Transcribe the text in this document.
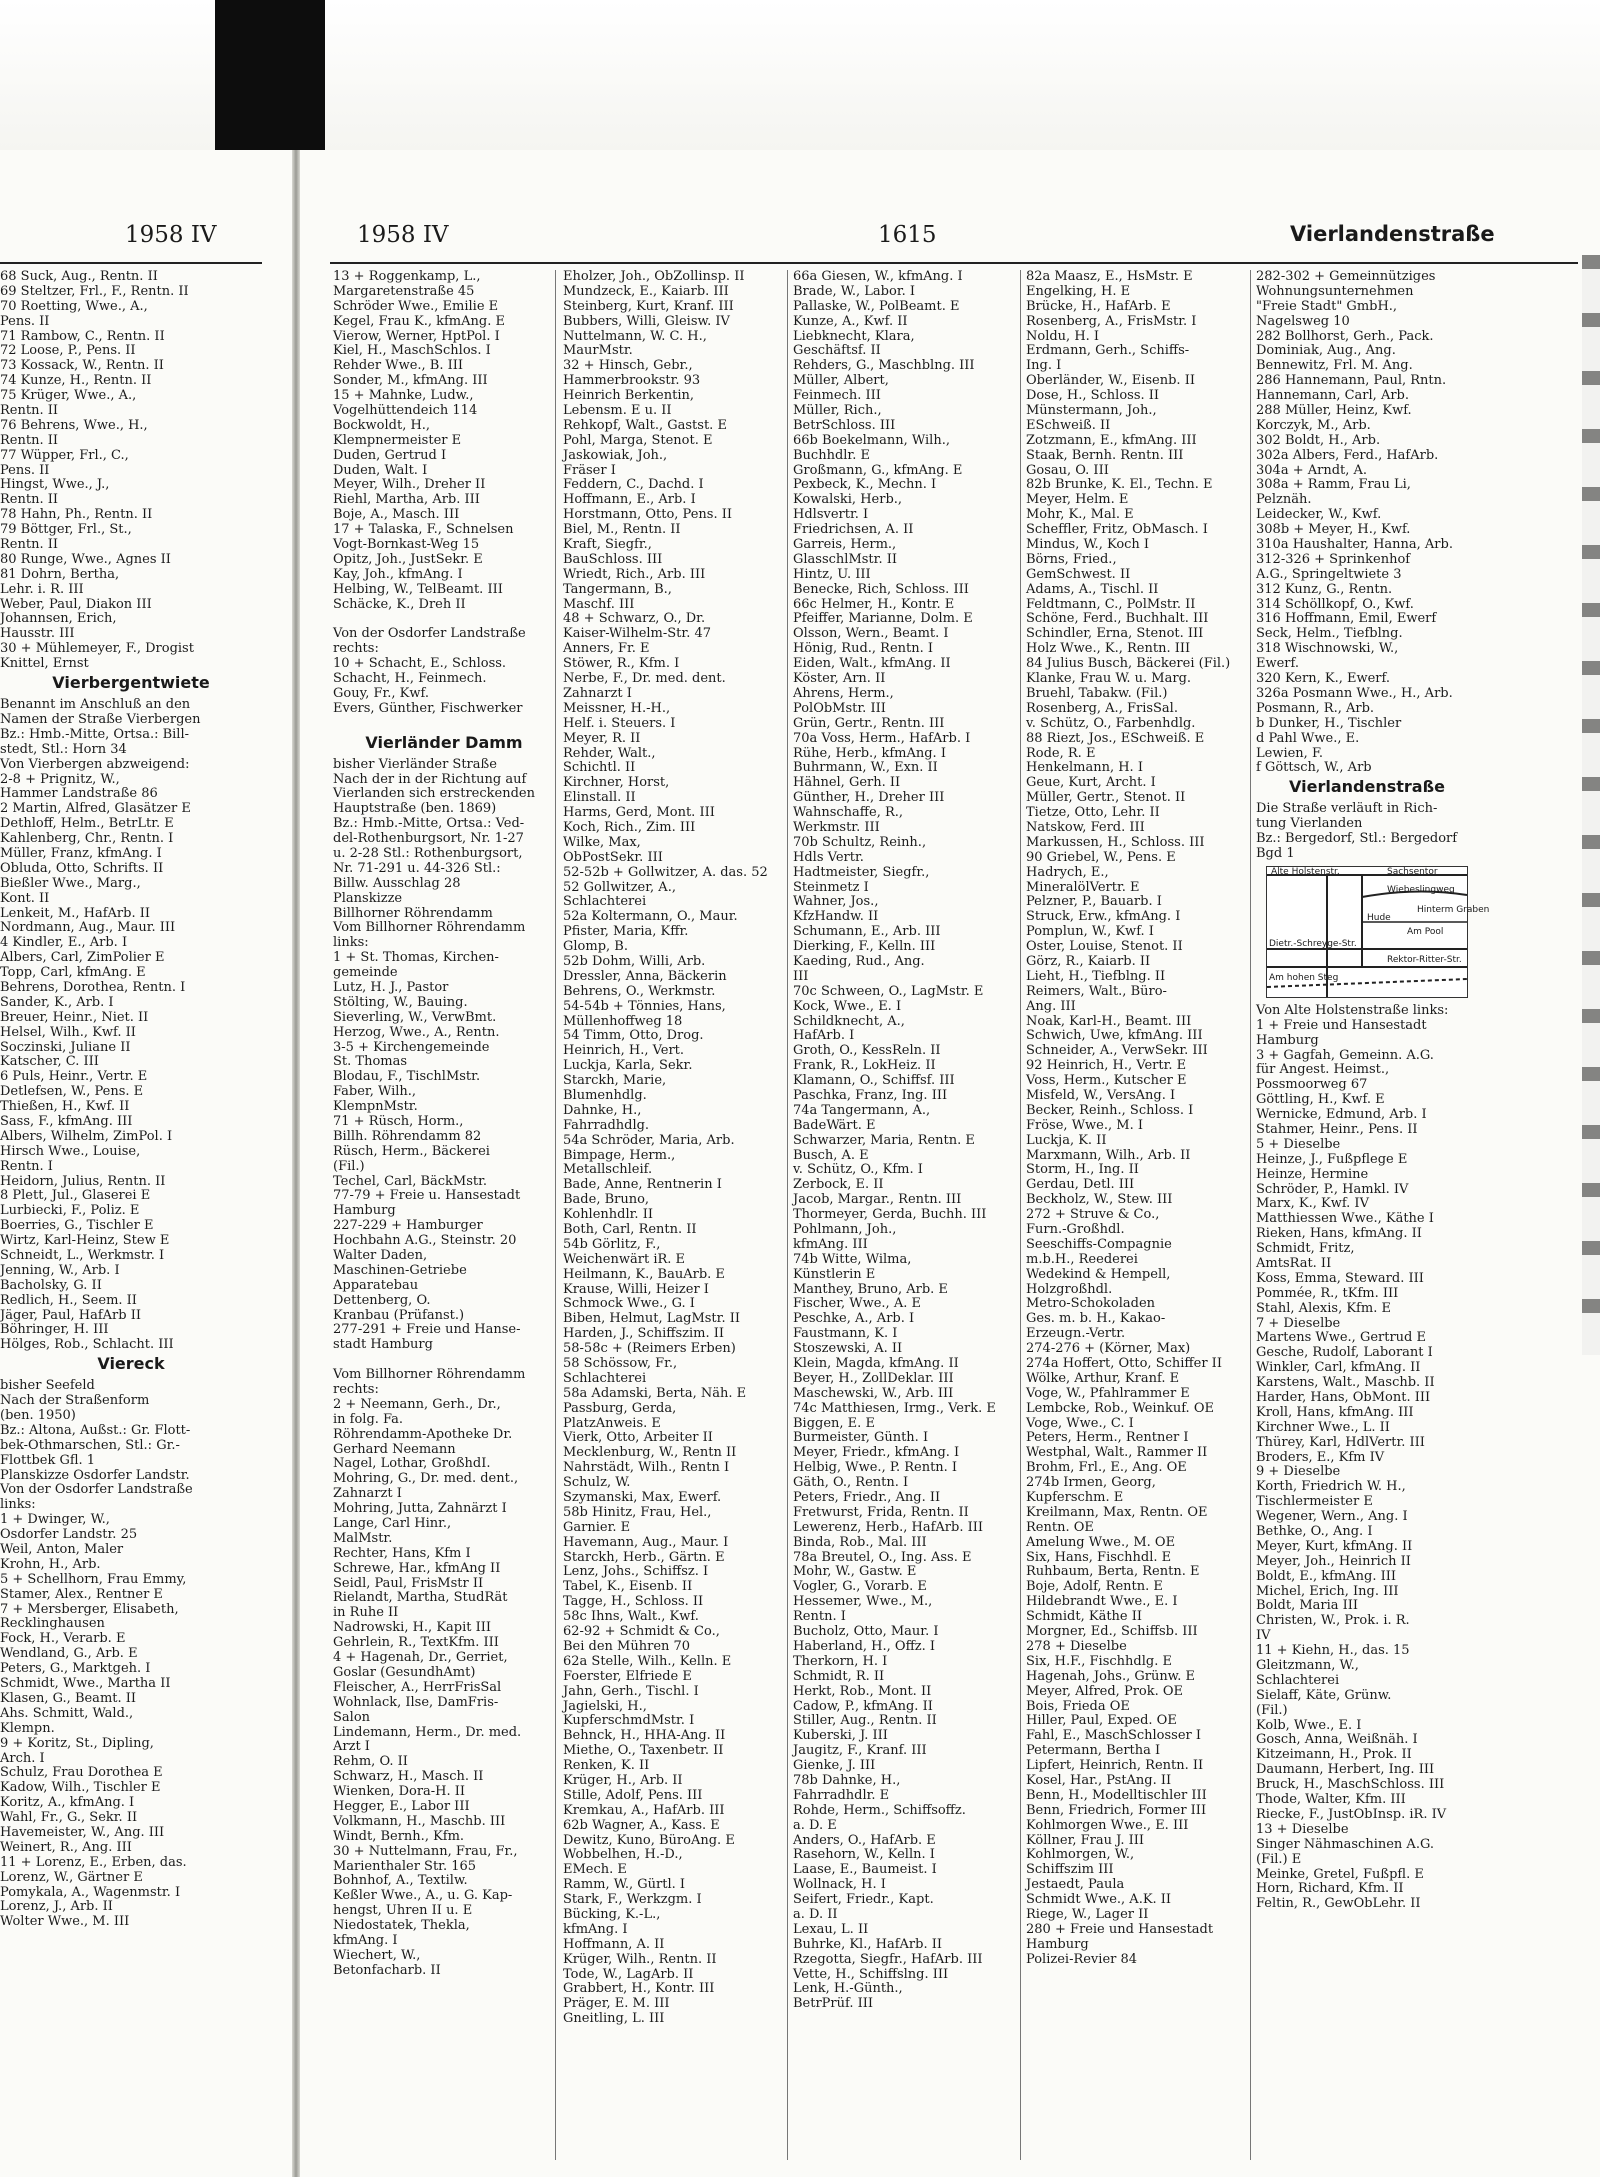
1958 IV	1958 IV	1615	Vierlandenstraße
68 Suck, Aug., Rentn. II
69 Steltzer, Frl., F., Rentn. II
70 Roetting, Wwe., A.,
Pens. II
71 Rambow, C., Rentn. II
72 Loose, P., Pens. II
73 Kossack, W., Rentn. II
74 Kunze, H., Rentn. II
75 Krüger, Wwe., A.,
Rentn. II
76 Behrens, Wwe., H.,
Rentn. II
77 Wüpper, Frl., C.,
Pens. II
Hingst, Wwe., J.,
Rentn. II
78 Hahn, Ph., Rentn. II
79 Böttger, Frl., St.,
Rentn. II
80 Runge, Wwe., Agnes II
81 Dohrn, Bertha,
Lehr. i. R. III
Weber, Paul, Diakon III
Johannsen, Erich,
Hausstr. III
30 + Mühlemeyer, F., Drogist
Knittel, Ernst
Vierbergentwiete
Benannt im Anschluß an den
Namen der Straße Vierbergen
Bz.: Hmb.-Mitte, Ortsa.: Bill-
stedt, Stl.: Horn 34
Von Vierbergen abzweigend:
2-8 + Prignitz, W.,
Hammer Landstraße 86
2 Martin, Alfred, Glasätzer E
Dethloff, Helm., BetrLtr. E
Kahlenberg, Chr., Rentn. I
Müller, Franz, kfmAng. I
Obluda, Otto, Schrifts. II
Bießler Wwe., Marg.,
Kont. II
Lenkeit, M., HafArb. II
Nordmann, Aug., Maur. III
4 Kindler, E., Arb. I
Albers, Carl, ZimPolier E
Topp, Carl, kfmAng. E
Behrens, Dorothea, Rentn. I
Sander, K., Arb. I
Breuer, Heinr., Niet. II
Helsel, Wilh., Kwf. II
Soczinski, Juliane II
Katscher, C. III
6 Puls, Heinr., Vertr. E
Detlefsen, W., Pens. E
Thießen, H., Kwf. II
Sass, F., kfmAng. III
Albers, Wilhelm, ZimPol. I
Hirsch Wwe., Louise,
Rentn. I
Heidorn, Julius, Rentn. II
8 Plett, Jul., Glaserei E
Lurbiecki, F., Poliz. E
Boerries, G., Tischler E
Wirtz, Karl-Heinz, Stew E
Schneidt, L., Werkmstr. I
Jenning, W., Arb. I
Bacholsky, G. II
Redlich, H., Seem. II
Jäger, Paul, HafArb II
Böhringer, H. III
Hölges, Rob., Schlacht. III
Viereck
bisher Seefeld
Nach der Straßenform
(ben. 1950)
Bz.: Altona, Außst.: Gr. Flott-
bek-Othmarschen, Stl.: Gr.-
Flottbek Gfl. 1
Planskizze Osdorfer Landstr.
Von der Osdorfer Landstraße
links:
1 + Dwinger, W.,
Osdorfer Landstr. 25
Weil, Anton, Maler
Krohn, H., Arb.
5 + Schellhorn, Frau Emmy,
Stamer, Alex., Rentner E
7 + Mersberger, Elisabeth,
Recklinghausen
Fock, H., Verarb. E
Wendland, G., Arb. E
Peters, G., Marktgeh. I
Schmidt, Wwe., Martha II
Klasen, G., Beamt. II
Ahs. Schmitt, Wald.,
Klempn.
9 + Koritz, St., Dipling,
Arch. I
Schulz, Frau Dorothea E
Kadow, Wilh., Tischler E
Koritz, A., kfmAng. I
Wahl, Fr., G., Sekr. II
Havemeister, W., Ang. III
Weinert, R., Ang. III
11 + Lorenz, E., Erben, das.
Lorenz, W., Gärtner E
Pomykala, A., Wagenmstr. I
Lorenz, J., Arb. II
Wolter Wwe., M. III
13 + Roggenkamp, L.,
Margaretenstraße 45
Schröder Wwe., Emilie E
Kegel, Frau K., kfmAng. E
Vierow, Werner, HptPol. I
Kiel, H., MaschSchlos. I
Rehder Wwe., B. III
Sonder, M., kfmAng. III
15 + Mahnke, Ludw.,
Vogelhüttendeich 114
Bockwoldt, H.,
Klempnermeister E
Duden, Gertrud I
Duden, Walt. I
Meyer, Wilh., Dreher II
Riehl, Martha, Arb. III
Boje, A., Masch. III
17 + Talaska, F., Schnelsen
Vogt-Bornkast-Weg 15
Opitz, Joh., JustSekr. E
Kay, Joh., kfmAng. I
Helbing, W., TelBeamt. III
Schäcke, K., Dreh II
Von der Osdorfer Landstraße
rechts:
10 + Schacht, E., Schloss.
Schacht, H., Feinmech.
Gouy, Fr., Kwf.
Evers, Günther, Fischwerker
Vierländer Damm
bisher Vierländer Straße
Nach der in der Richtung auf
Vierlanden sich erstreckenden
Hauptstraße (ben. 1869)
Bz.: Hmb.-Mitte, Ortsa.: Ved-
del-Rothenburgsort, Nr. 1-27
u. 2-28 Stl.: Rothenburgsort,
Nr. 71-291 u. 44-326 Stl.:
Billw. Ausschlag 28
Planskizze
Billhorner Röhrendamm
Vom Billhorner Röhrendamm
links:
1 + St. Thomas, Kirchen-
gemeinde
Lutz, H. J., Pastor
Stölting, W., Bauing.
Sieverling, W., VerwBmt.
Herzog, Wwe., A., Rentn.
3-5 + Kirchengemeinde
St. Thomas
Blodau, F., TischlMstr.
Faber, Wilh.,
KlempnMstr.
71 + Rüsch, Horm.,
Billh. Röhrendamm 82
Rüsch, Herm., Bäckerei
(Fil.)
Techel, Carl, BäckMstr.
77-79 + Freie u. Hansestadt
Hamburg
227-229 + Hamburger
Hochbahn A.G., Steinstr. 20
Walter Daden,
Maschinen-Getriebe
Apparatebau
Dettenberg, O.
Kranbau (Prüfanst.)
277-291 + Freie und Hanse-
stadt Hamburg
Vom Billhorner Röhrendamm
rechts:
2 + Neemann, Gerh., Dr.,
in folg. Fa.
Röhrendamm-Apotheke Dr.
Gerhard Neemann
Nagel, Lothar, GroßhdI.
Mohring, G., Dr. med. dent.,
Zahnarzt I
Mohring, Jutta, Zahnärzt I
Lange, Carl Hinr.,
MalMstr.
Rechter, Hans, Kfm I
Schrewe, Har., kfmAng II
Seidl, Paul, FrisMstr II
Rielandt, Martha, StudRät
in Ruhe II
Nadrowski, H., Kapit III
Gehrlein, R., TextKfm. III
4 + Hagenah, Dr., Gerriet,
Goslar (GesundhAmt)
Fleischer, A., HerrFrisSal
Wohnlack, Ilse, DamFris-
Salon
Lindemann, Herm., Dr. med.
Arzt I
Rehm, O. II
Schwarz, H., Masch. II
Wienken, Dora-H. II
Hegger, E., Labor III
Volkmann, H., Maschb. III
Windt, Bernh., Kfm.
30 + Nuttelmann, Frau, Fr.,
Marienthaler Str. 165
Bohnhof, A., Textilw.
Keßler Wwe., A., u. G. Kap-
hengst, Uhren II u. E
Niedostatek, Thekla,
kfmAng. I
Wiechert, W.,
Betonfacharb. II
Eholzer, Joh., ObZollinsp. II
Mundzeck, E., Kaiarb. III
Steinberg, Kurt, Kranf. III
Bubbers, Willi, Gleisw. IV
Nuttelmann, W. C. H.,
MaurMstr.
32 + Hinsch, Gebr.,
Hammerbrookstr. 93
Heinrich Berkentin,
Lebensm. E u. II
Rehkopf, Walt., Gastst. E
Pohl, Marga, Stenot. E
Jaskowiak, Joh.,
Fräser I
Feddern, C., Dachd. I
Hoffmann, E., Arb. I
Horstmann, Otto, Pens. II
Biel, M., Rentn. II
Kraft, Siegfr.,
BauSchloss. III
Wriedt, Rich., Arb. III
Tangermann, B.,
Maschf. III
48 + Schwarz, O., Dr.
Kaiser-Wilhelm-Str. 47
Anners, Fr. E
Stöwer, R., Kfm. I
Nerbe, F., Dr. med. dent.
Zahnarzt I
Meissner, H.-H.,
Helf. i. Steuers. I
Meyer, R. II
Rehder, Walt.,
Schichtl. II
Kirchner, Horst,
Elinstall. II
Harms, Gerd, Mont. III
Koch, Rich., Zim. III
Wilke, Max,
ObPostSekr. III
52-52b + Gollwitzer, A. das. 52
52 Gollwitzer, A.,
Schlachterei
52a Koltermann, O., Maur.
Pfister, Maria, Kffr.
Glomp, B.
52b Dohm, Willi, Arb.
Dressler, Anna, Bäckerin
Behrens, O., Werkmstr.
54-54b + Tönnies, Hans,
Müllenhoffweg 18
54 Timm, Otto, Drog.
Heinrich, H., Vert.
Luckja, Karla, Sekr.
Starckh, Marie,
Blumenhdlg.
Dahnke, H.,
Fahrradhdlg.
54a Schröder, Maria, Arb.
Bimpage, Herm.,
Metallschleif.
Bade, Anne, Rentnerin I
Bade, Bruno,
Kohlenhdlr. II
Both, Carl, Rentn. II
54b Görlitz, F.,
Weichenwärt iR. E
Heilmann, K., BauArb. E
Krause, Willi, Heizer I
Schmock Wwe., G. I
Biben, Helmut, LagMstr. II
Harden, J., Schiffszim. II
58-58c + (Reimers Erben)
58 Schössow, Fr.,
Schlachterei
58a Adamski, Berta, Näh. E
Passburg, Gerda,
PlatzAnweis. E
Vierk, Otto, Arbeiter II
Mecklenburg, W., Rentn II
Nahrstädt, Wilh., Rentn I
Schulz, W.
Szymanski, Max, Ewerf.
58b Hinitz, Frau, Hel.,
Garnier. E
Havemann, Aug., Maur. I
Starckh, Herb., Gärtn. E
Lenz, Johs., Schiffsz. I
Tabel, K., Eisenb. II
Tagge, H., Schloss. II
58c Ihns, Walt., Kwf.
62-92 + Schmidt & Co.,
Bei den Mühren 70
62a Stelle, Wilh., Kelln. E
Foerster, Elfriede E
Jahn, Gerh., Tischl. I
Jagielski, H.,
KupferschmdMstr. I
Behnck, H., HHA-Ang. II
Miethe, O., Taxenbetr. II
Renken, K. II
Krüger, H., Arb. II
Stille, Adolf, Pens. III
Kremkau, A., HafArb. III
62b Wagner, A., Kass. E
Dewitz, Kuno, BüroAng. E
Wobbelhen, H.-D.,
EMech. E
Ramm, W., Gürtl. I
Stark, F., Werkzgm. I
Bücking, K.-L.,
kfmAng. I
Hoffmann, A. II
Krüger, Wilh., Rentn. II
Tode, W., LagArb. II
Grabbert, H., Kontr. III
Präger, E. M. III
Gneitling, L. III
66a Giesen, W., kfmAng. I
Brade, W., Labor. I
Pallaske, W., PolBeamt. E
Kunze, A., Kwf. II
Liebknecht, Klara,
Geschäftsf. II
Rehders, G., Maschblng. III
Müller, Albert,
Feinmech. III
Müller, Rich.,
BetrSchloss. III
66b Boekelmann, Wilh.,
Buchhdlr. E
Großmann, G., kfmAng. E
Pexbeck, K., Mechn. I
Kowalski, Herb.,
Hdlsvertr. I
Friedrichsen, A. II
Garreis, Herm.,
GlasschlMstr. II
Hintz, U. III
Benecke, Rich, Schloss. III
66c Helmer, H., Kontr. E
Pfeiffer, Marianne, Dolm. E
Olsson, Wern., Beamt. I
Hönig, Rud., Rentn. I
Eiden, Walt., kfmAng. II
Köster, Arn. II
Ahrens, Herm.,
PolObMstr. III
Grün, Gertr., Rentn. III
70a Voss, Herm., HafArb. I
Rühe, Herb., kfmAng. I
Buhrmann, W., Exn. II
Hähnel, Gerh. II
Günther, H., Dreher III
Wahnschaffe, R.,
Werkmstr. III
70b Schultz, Reinh.,
Hdls Vertr.
Hadtmeister, Siegfr.,
Steinmetz I
Wahner, Jos.,
KfzHandw. II
Schumann, E., Arb. III
Dierking, F., Kelln. III
Kaeding, Rud., Ang.
III
70c Schween, O., LagMstr. E
Kock, Wwe., E. I
Schildknecht, A.,
HafArb. I
Groth, O., KessReln. II
Frank, R., LokHeiz. II
Klamann, O., Schiffsf. III
Paschka, Franz, Ing. III
74a Tangermann, A.,
BadeWärt. E
Schwarzer, Maria, Rentn. E
Busch, A. E
v. Schütz, O., Kfm. I
Zerbock, E. II
Jacob, Margar., Rentn. III
Thormeyer, Gerda, Buchh. III
Pohlmann, Joh.,
kfmAng. III
74b Witte, Wilma,
Künstlerin E
Manthey, Bruno, Arb. E
Fischer, Wwe., A. E
Peschke, A., Arb. I
Faustmann, K. I
Stoszewski, A. II
Klein, Magda, kfmAng. II
Beyer, H., ZollDeklar. III
Maschewski, W., Arb. III
74c Matthiesen, Irmg., Verk. E
Biggen, E. E
Burmeister, Günth. I
Meyer, Friedr., kfmAng. I
Helbig, Wwe., P. Rentn. I
Gäth, O., Rentn. I
Peters, Friedr., Ang. II
Fretwurst, Frida, Rentn. II
Lewerenz, Herb., HafArb. III
Binda, Rob., Mal. III
78a Breutel, O., Ing. Ass. E
Mohr, W., Gastw. E
Vogler, G., Vorarb. E
Hessemer, Wwe., M.,
Rentn. I
Bucholz, Otto, Maur. I
Haberland, H., Offz. I
Therkorn, H. I
Schmidt, R. II
Herkt, Rob., Mont. II
Cadow, P., kfmAng. II
Stiller, Aug., Rentn. II
Kuberski, J. III
Jaugitz, F., Kranf. III
Gienke, J. III
78b Dahnke, H.,
Fahrradhdlr. E
Rohde, Herm., Schiffsoffz.
a. D. E
Anders, O., HafArb. E
Rasehorn, W., Kelln. I
Laase, E., Baumeist. I
Wollnack, H. I
Seifert, Friedr., Kapt.
a. D. II
Lexau, L. II
Buhrke, Kl., HafArb. II
Rzegotta, Siegfr., HafArb. III
Vette, H., Schiffslng. III
Lenk, H.-Günth.,
BetrPrüf. III
82a Maasz, E., HsMstr. E
Engelking, H. E
Brücke, H., HafArb. E
Rosenberg, A., FrisMstr. I
Noldu, H. I
Erdmann, Gerh., Schiffs-
Ing. I
Oberländer, W., Eisenb. II
Dose, H., Schloss. II
Münstermann, Joh.,
ESchweiß. II
Zotzmann, E., kfmAng. III
Staak, Bernh. Rentn. III
Gosau, O. III
82b Brunke, K. El., Techn. E
Meyer, Helm. E
Mohr, K., Mal. E
Scheffler, Fritz, ObMasch. I
Mindus, W., Koch I
Börns, Fried.,
GemSchwest. II
Adams, A., Tischl. II
Feldtmann, C., PolMstr. II
Schöne, Ferd., Buchhalt. III
Schindler, Erna, Stenot. III
Holz Wwe., K., Rentn. III
84 Julius Busch, Bäckerei (Fil.)
Klanke, Frau W. u. Marg.
Bruehl, Tabakw. (Fil.)
Rosenberg, A., FrisSal.
v. Schütz, O., Farbenhdlg.
88 Riezt, Jos., ESchweiß. E
Rode, R. E
Henkelmann, H. I
Geue, Kurt, Archt. I
Müller, Gertr., Stenot. II
Tietze, Otto, Lehr. II
Natskow, Ferd. III
Markussen, H., Schloss. III
90 Griebel, W., Pens. E
Hadrych, E.,
MineralölVertr. E
Pelzner, P., Bauarb. I
Struck, Erw., kfmAng. I
Pomplun, W., Kwf. I
Oster, Louise, Stenot. II
Görz, R., Kaiarb. II
Lieht, H., Tiefblng. II
Reimers, Walt., Büro-
Ang. III
Noak, Karl-H., Beamt. III
Schwich, Uwe, kfmAng. III
Schneider, A., VerwSekr. III
92 Heinrich, H., Vertr. E
Voss, Herm., Kutscher E
Misfeld, W., VersAng. I
Becker, Reinh., Schloss. I
Fröse, Wwe., M. I
Luckja, K. II
Marxmann, Wilh., Arb. II
Storm, H., Ing. II
Gerdau, Detl. III
Beckholz, W., Stew. III
272 + Struve & Co.,
Furn.-Großhdl.
Seeschiffs-Compagnie
m.b.H., Reederei
Wedekind & Hempell,
Holzgroßhdl.
Metro-Schokoladen
Ges. m. b. H., Kakao-
Erzeugn.-Vertr.
274-276 + (Körner, Max)
274a Hoffert, Otto, Schiffer II
Wölke, Arthur, Kranf. E
Voge, W., Pfahlrammer E
Lembcke, Rob., Weinkuf. OE
Voge, Wwe., C. I
Peters, Herm., Rentner I
Westphal, Walt., Rammer II
Brohm, Frl., E., Ang. OE
274b Irmen, Georg,
Kupferschm. E
Kreilmann, Max, Rentn. OE
Rentn. OE
Amelung Wwe., M. OE
Six, Hans, Fischhdl. E
Ruhbaum, Berta, Rentn. E
Boje, Adolf, Rentn. E
Hildebrandt Wwe., E. I
Schmidt, Käthe II
Morgner, Ed., Schiffsb. III
278 + Dieselbe
Six, H.F., Fischhdlg. E
Hagenah, Johs., Grünw. E
Meyer, Alfred, Prok. OE
Bois, Frieda OE
Hiller, Paul, Exped. OE
Fahl, E., MaschSchlosser I
Petermann, Bertha I
Lipfert, Heinrich, Rentn. II
Kosel, Har., PstAng. II
Benn, H., Modelltischler III
Benn, Friedrich, Former III
Kohlmorgen Wwe., E. III
Köllner, Frau J. III
Kohlmorgen, W.,
Schiffszim III
Jestaedt, Paula
Schmidt Wwe., A.K. II
Riege, W., Lager II
280 + Freie und Hansestadt
Hamburg
Polizei-Revier 84
282-302 + Gemeinnütziges
Wohnungsunternehmen
"Freie Stadt" GmbH.,
Nagelsweg 10
282 Bollhorst, Gerh., Pack.
Dominiak, Aug., Ang.
Bennewitz, Frl. M. Ang.
286 Hannemann, Paul, Rntn.
Hannemann, Carl, Arb.
288 Müller, Heinz, Kwf.
Korczyk, M., Arb.
302 Boldt, H., Arb.
302a Albers, Ferd., HafArb.
304a + Arndt, A.
308a + Ramm, Frau Li,
Pelznäh.
Leidecker, W., Kwf.
308b + Meyer, H., Kwf.
310a Haushalter, Hanna, Arb.
312-326 + Sprinkenhof
A.G., Springeltwiete 3
312 Kunz, G., Rentn.
314 Schöllkopf, O., Kwf.
316 Hoffmann, Emil, Ewerf
Seck, Helm., Tiefblng.
318 Wischnowski, W.,
Ewerf.
320 Kern, K., Ewerf.
326a Posmann Wwe., H., Arb.
Posmann, R., Arb.
b Dunker, H., Tischler
d Pahl Wwe., E.
Lewien, F.
f Göttsch, W., Arb
Vierlandenstraße
Die Straße verläuft in Rich-
tung Vierlanden
Bz.: Bergedorf, Stl.: Bergedorf
Bgd 1
Alte Holstenstr.	Sachsentor
Wiebeslingweg
Hinterm Graben
Hude
Am Pool
Dietr.-Schreyge-Str.
Rektor-Ritter-Str.
Am hohen Steg
Von Alte Holstenstraße links:
1 + Freie und Hansestadt
Hamburg
3 + Gagfah, Gemeinn. A.G.
für Angest. Heimst.,
Possmoorweg 67
Göttling, H., Kwf. E
Wernicke, Edmund, Arb. I
Stahmer, Heinr., Pens. II
5 + Dieselbe
Heinze, J., Fußpflege E
Heinze, Hermine
Schröder, P., Hamkl. IV
Marx, K., Kwf. IV
Matthiessen Wwe., Käthe I
Rieken, Hans, kfmAng. II
Schmidt, Fritz,
AmtsRat. II
Koss, Emma, Steward. III
Pommée, R., tKfm. III
Stahl, Alexis, Kfm. E
7 + Dieselbe
Martens Wwe., Gertrud E
Gesche, Rudolf, Laborant I
Winkler, Carl, kfmAng. II
Karstens, Walt., Maschb. II
Harder, Hans, ObMont. III
Kroll, Hans, kfmAng. III
Kirchner Wwe., L. II
Thürey, Karl, HdlVertr. III
Broders, E., Kfm IV
9 + Dieselbe
Korth, Friedrich W. H.,
Tischlermeister E
Wegener, Wern., Ang. I
Bethke, O., Ang. I
Meyer, Kurt, kfmAng. II
Meyer, Joh., Heinrich II
Boldt, E., kfmAng. III
Michel, Erich, Ing. III
Boldt, Maria III
Christen, W., Prok. i. R.
IV
11 + Kiehn, H., das. 15
Gleitzmann, W.,
Schlachterei
Sielaff, Käte, Grünw.
(Fil.)
Kolb, Wwe., E. I
Gosch, Anna, Weißnäh. I
Kitzeimann, H., Prok. II
Daumann, Herbert, Ing. III
Bruck, H., MaschSchloss. III
Thode, Walter, Kfm. III
Riecke, F., JustObInsp. iR. IV
13 + Dieselbe
Singer Nähmaschinen A.G.
(Fil.) E
Meinke, Gretel, Fußpfl. E
Horn, Richard, Kfm. II
Feltin, R., GewObLehr. II
